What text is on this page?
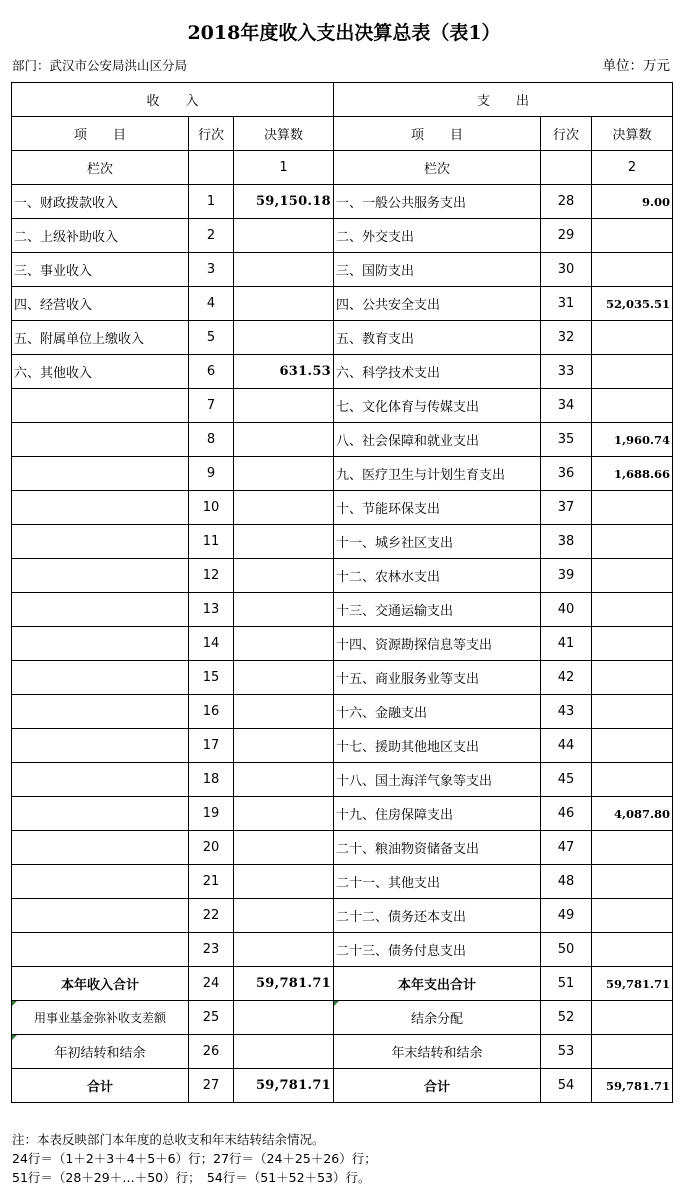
2018年度收入支出决算总表（表1）
部门：武汉市公安局洪山区分局	单位：万元
收　　入			支　　出		
项　　目	行次	决算数	项　　目	行次	决算数
栏次		1	栏次		2
一、财政拨款收入	1	59,150.18	一、一般公共服务支出	28	9.00
二、上级补助收入	2		二、外交支出	29	
三、事业收入	3		三、国防支出	30	
四、经营收入	4		四、公共安全支出	31	52,035.51
五、附属单位上缴收入	5		五、教育支出	32	
六、其他收入	6	631.53	六、科学技术支出	33	
	7		七、文化体育与传媒支出	34	
	8		八、社会保障和就业支出	35	1,960.74
	9		九、医疗卫生与计划生育支出	36	1,688.66
	10		十、节能环保支出	37	
	11		十一、城乡社区支出	38	
	12		十二、农林水支出	39	
	13		十三、交通运输支出	40	
	14		十四、资源勘探信息等支出	41	
	15		十五、商业服务业等支出	42	
	16		十六、金融支出	43	
	17		十七、援助其他地区支出	44	
	18		十八、国土海洋气象等支出	45	
	19		十九、住房保障支出	46	4,087.80
	20		二十、粮油物资储备支出	47	
	21		二十一、其他支出	48	
	22		二十二、债务还本支出	49	
	23		二十三、债务付息支出	50	
本年收入合计	24	59,781.71	本年支出合计	51	59,781.71
用事业基金弥补收支差额	25		结余分配	52	
年初结转和结余	26		年末结转和结余	53	
合计	27	59,781.71	合计	54	59,781.71
注：本表反映部门本年度的总收支和年末结转结余情况。
24行＝（1＋2＋3＋4＋5＋6）行；27行＝（24＋25＋26）行；
51行＝（28＋29＋…＋50）行；　54行＝（51＋52＋53）行。
